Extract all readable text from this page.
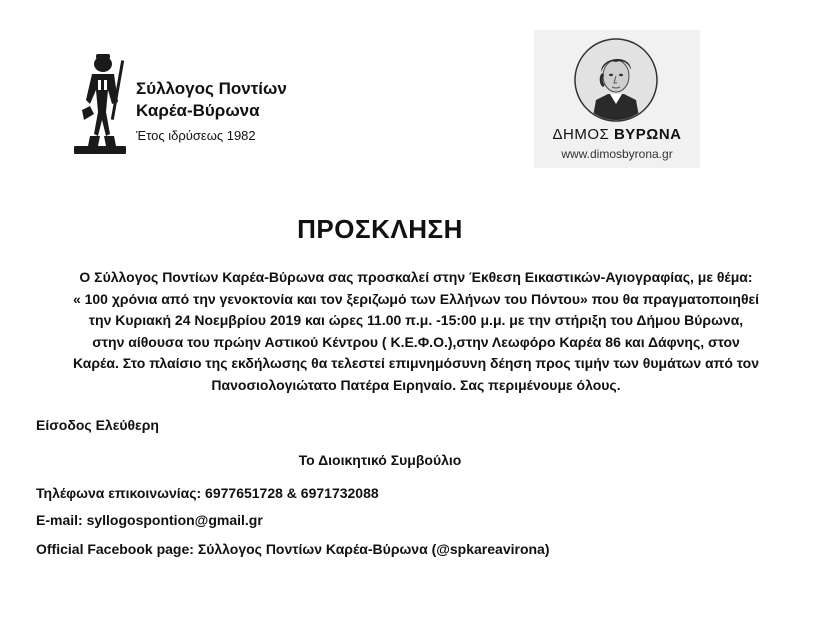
Σύλλογος Ποντίων
Καρέα-Βύρωνα
Έτος ιδρύσεως 1982	ΔΗΜΟΣ ΒΥΡΩΝΑ
www.dimosbyrona.gr
ΠΡΟΣΚΛΗΣΗ
Ο Σύλλογος Ποντίων Καρέα-Βύρωνα σας προσκαλεί στην Έκθεση Εικαστικών-Αγιογραφίας, με θέμα:
« 100 χρόνια από την γενοκτονία και τον ξεριζωμό των Ελλήνων του Πόντου» που θα πραγματοποιηθεί
την Κυριακή 24 Νοεμβρίου 2019 και ώρες 11.00 π.μ. -15:00 μ.μ. με την στήριξη του Δήμου Βύρωνα,
στην αίθουσα του πρώην Αστικού Κέντρου ( Κ.Ε.Φ.Ο.),στην Λεωφόρο Καρέα 86 και Δάφνης, στον
Καρέα. Στο πλαίσιο της εκδήλωσης θα τελεστεί επιμνημόσυνη δέηση προς τιμήν των θυμάτων από τον
Πανοσιολογιώτατο Πατέρα Ειρηναίο. Σας περιμένουμε όλους.
Είσοδος Ελεύθερη
Το Διοικητικό Συμβούλιο
Τηλέφωνα επικοινωνίας: 6977651728 & 6971732088
E-mail: syllogospontion@gmail.gr
Official Facebook page: Σύλλογος Ποντίων Καρέα-Βύρωνα (@spkareavirona)
